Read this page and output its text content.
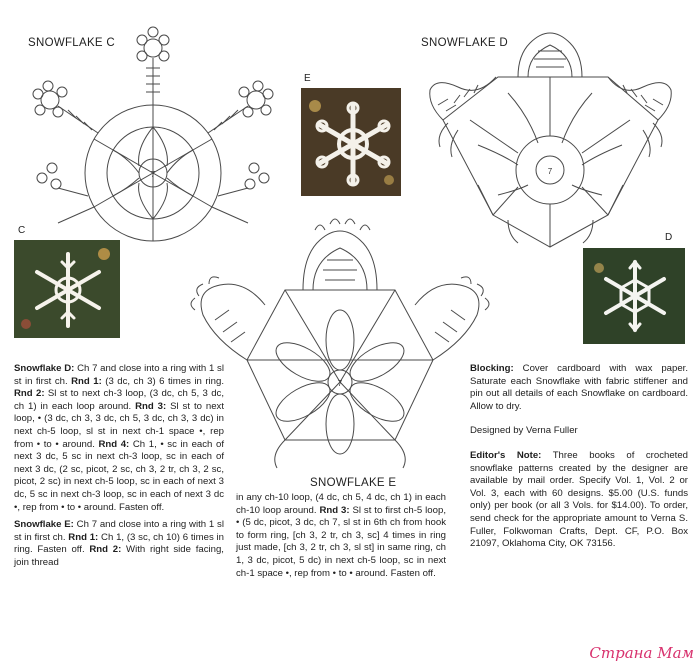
SNOWFLAKE C	SNOWFLAKE D
SNOWFLAKE E
E
C
D
7	7
7

Snowflake D: Ch 7 and close into a ring with 1 sl st in first ch. Rnd 1: (3 dc, ch 3) 6 times in ring. Rnd 2: Sl st to next ch-3 loop, (3 dc, ch 5, 3 dc, ch 1) in each loop around. Rnd 3: Sl st to next loop, • (3 dc, ch 3, 3 dc, ch 5, 3 dc, ch 3, 3 dc) in next ch-5 loop, sl st in next ch-1 space •, rep from • to • around. Rnd 4: Ch 1, • sc in each of next 3 dc, 5 sc in next ch-3 loop, sc in each of next 3 dc, (2 sc, picot, 2 sc, ch 3, 2 tr, ch 3, 2 sc, picot, 2 sc) in next ch-5 loop, sc in each of next 3 dc, 5 sc in next ch-3 loop, sc in each of next 3 dc •, rep from • to • around. Fasten off.

Snowflake E: Ch 7 and close into a ring with 1 sl st in first ch. Rnd 1: Ch 1, (3 sc, ch 10) 6 times in ring. Fasten off. Rnd 2: With right side facing, join thread

in any ch-10 loop, (4 dc, ch 5, 4 dc, ch 1) in each ch-10 loop around. Rnd 3: Sl st to first ch-5 loop, • (5 dc, picot, 3 dc, ch 7, sl st in 6th ch from hook to form ring, [ch 3, 2 tr, ch 3, sc] 4 times in ring just made, [ch 3, 2 tr, ch 3, sl st] in same ring, ch 1, 3 dc, picot, 5 dc) in next ch-5 loop, sc in next ch-1 space •, rep from • to • around. Fasten off.

Blocking: Cover cardboard with wax paper. Saturate each Snowflake with fabric stiffener and pin out all details of each Snowflake on cardboard. Allow to dry.

Designed by Verna Fuller

Editor's Note: Three books of crocheted snowflake patterns created by the designer are available by mail order. Specify Vol. 1, Vol. 2 or Vol. 3, each with 60 designs. $5.00 (U.S. funds only) per book (or all 3 Vols. for $14.00). To order, send check for the appropriate amount to Verna S. Fuller, Folkwoman Crafts, Dept. CF, P.O. Box 21097, Oklahoma City, OK 73156.

Страна Мам
